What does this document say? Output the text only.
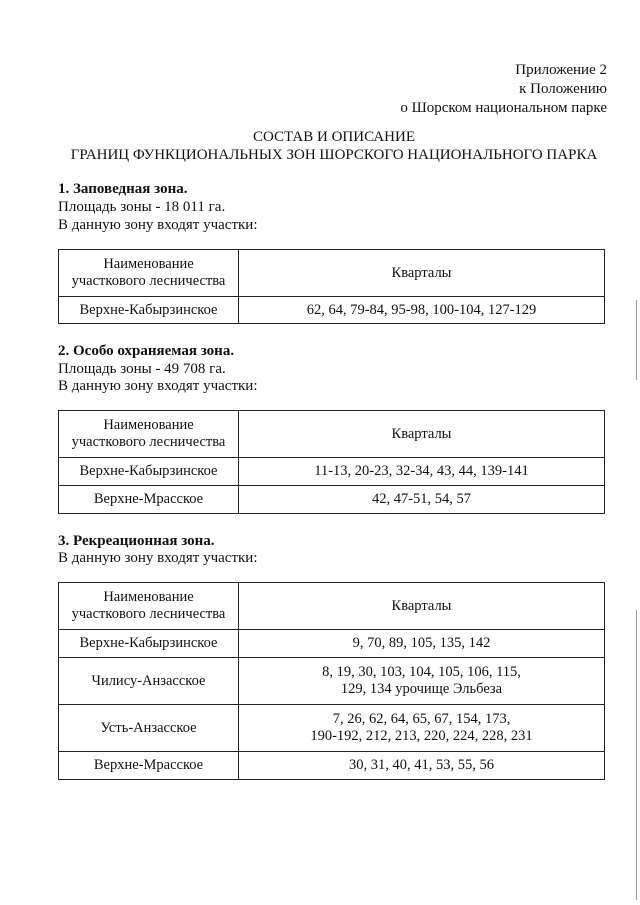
Приложение 2
к Положению
о Шорском национальном парке
СОСТАВ И ОПИСАНИЕ
ГРАНИЦ ФУНКЦИОНАЛЬНЫХ ЗОН ШОРСКОГО НАЦИОНАЛЬНОГО ПАРКА
1. Заповедная зона.
Площадь зоны - 18 011 га.
В данную зону входят участки:
Наименование
участкового лесничества	Кварталы
Верхне-Кабырзинское	62, 64, 79-84, 95-98, 100-104, 127-129
2. Особо охраняемая зона.
Площадь зоны - 49 708 га.
В данную зону входят участки:
Наименование
участкового лесничества	Кварталы
Верхне-Кабырзинское	11-13, 20-23, 32-34, 43, 44, 139-141
Верхне-Мрасское	42, 47-51, 54, 57
3. Рекреационная зона.
В данную зону входят участки:
Наименование
участкового лесничества	Кварталы
Верхне-Кабырзинское	9, 70, 89, 105, 135, 142

Чилису-Анзасское	8, 19, 30, 103, 104, 105, 106, 115,
129, 134 урочище Эльбеза

Усть-Анзасское	7, 26, 62, 64, 65, 67, 154, 173,
190-192, 212, 213, 220, 224, 228, 231

Верхне-Мрасское	30, 31, 40, 41, 53, 55, 56
